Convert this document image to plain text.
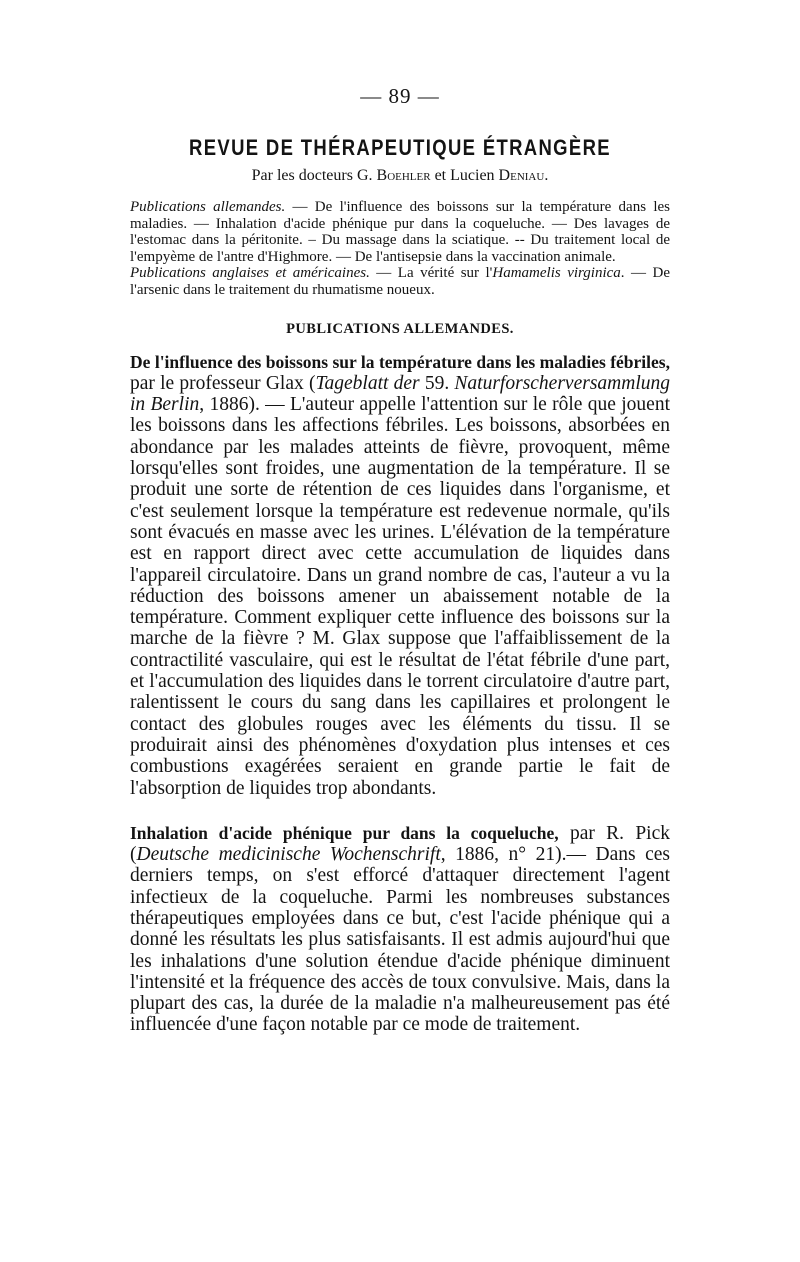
— 89 —
REVUE DE THÉRAPEUTIQUE ÉTRANGÈRE
Par les docteurs G. Boehler et Lucien Deniau.

Publications allemandes. — De l'influence des boissons sur la température dans les maladies. — Inhalation d'acide phénique pur dans la coqueluche. — Des lavages de l'estomac dans la péritonite. – Du massage dans la sciatique. -- Du traitement local de l'empyème de l'antre d'Highmore. — De l'antisepsie dans la vaccination animale.

Publications anglaises et américaines. — La vérité sur l'Hamamelis virginica. — De l'arsenic dans le traitement du rhumatisme noueux.

PUBLICATIONS ALLEMANDES.

De l'influence des boissons sur la température dans les maladies fébriles, par le professeur Glax (Tageblatt der 59. Naturforscherversammlung in Berlin, 1886). — L'auteur appelle l'attention sur le rôle que jouent les boissons dans les affections fébriles. Les boissons, absorbées en abondance par les malades atteints de fièvre, provoquent, même lorsqu'elles sont froides, une augmentation de la température. Il se produit une sorte de rétention de ces liquides dans l'organisme, et c'est seulement lorsque la température est redevenue normale, qu'ils sont évacués en masse avec les urines. L'élévation de la température est en rapport direct avec cette accumulation de liquides dans l'appareil circulatoire. Dans un grand nombre de cas, l'auteur a vu la réduction des boissons amener un abaissement notable de la température. Comment expliquer cette influence des boissons sur la marche de la fièvre ? M. Glax suppose que l'affaiblissement de la contractilité vasculaire, qui est le résultat de l'état fébrile d'une part, et l'accumulation des liquides dans le torrent circulatoire d'autre part, ralentissent le cours du sang dans les capillaires et prolongent le contact des globules rouges avec les éléments du tissu. Il se produirait ainsi des phénomènes d'oxydation plus intenses et ces combustions exagérées seraient en grande partie le fait de l'absorption de liquides trop abondants.

Inhalation d'acide phénique pur dans la coqueluche, par R. Pick (Deutsche medicinische Wochenschrift, 1886, n° 21).— Dans ces derniers temps, on s'est efforcé d'attaquer directement l'agent infectieux de la coqueluche. Parmi les nombreuses substances thérapeutiques employées dans ce but, c'est l'acide phénique qui a donné les résultats les plus satisfaisants. Il est admis aujourd'hui que les inhalations d'une solution étendue d'acide phénique diminuent l'intensité et la fréquence des accès de toux convulsive. Mais, dans la plupart des cas, la durée de la maladie n'a malheureusement pas été influencée d'une façon notable par ce mode de traitement.
